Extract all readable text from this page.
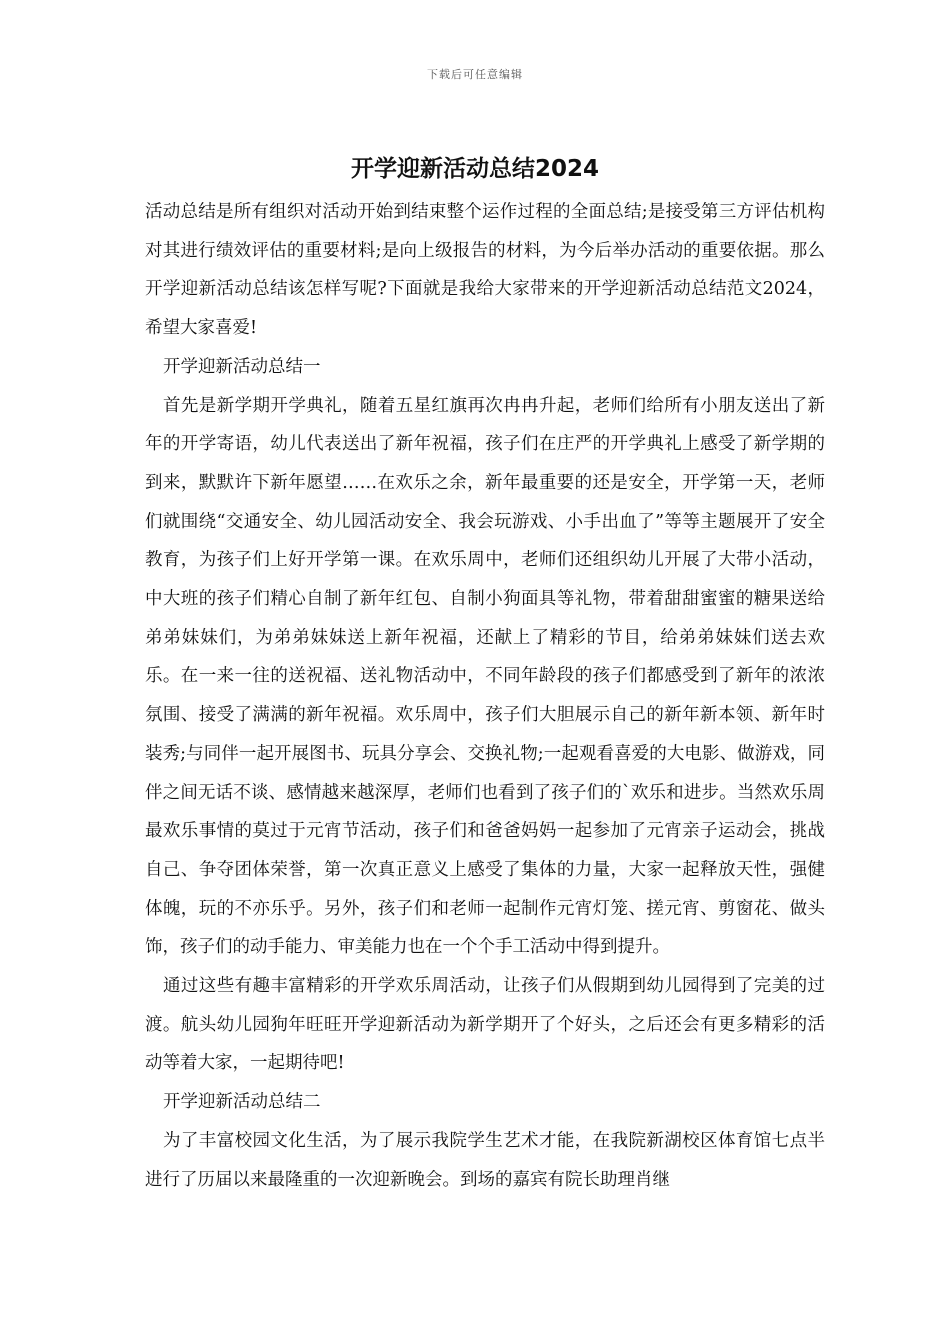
下载后可任意编辑
开学迎新活动总结2024

活动总结是所有组织对活动开始到结束整个运作过程的全面总结;是接受第三方评估机构对其进行绩效评估的重要材料;是向上级报告的材料，为今后举办活动的重要依据。那么开学迎新活动总结该怎样写呢?下面就是我给大家带来的开学迎新活动总结范文2024，希望大家喜爱!

开学迎新活动总结一

首先是新学期开学典礼，随着五星红旗再次冉冉升起，老师们给所有小朋友送出了新年的开学寄语，幼儿代表送出了新年祝福，孩子们在庄严的开学典礼上感受了新学期的到来，默默许下新年愿望……在欢乐之余，新年最重要的还是安全，开学第一天，老师们就围绕“交通安全、幼儿园活动安全、我会玩游戏、小手出血了”等等主题展开了安全教育，为孩子们上好开学第一课。在欢乐周中，老师们还组织幼儿开展了大带小活动，中大班的孩子们精心自制了新年红包、自制小狗面具等礼物，带着甜甜蜜蜜的糖果送给弟弟妹妹们，为弟弟妹妹送上新年祝福，还献上了精彩的节目，给弟弟妹妹们送去欢乐。在一来一往的送祝福、送礼物活动中，不同年龄段的孩子们都感受到了新年的浓浓氛围、接受了满满的新年祝福。欢乐周中，孩子们大胆展示自己的新年新本领、新年时装秀;与同伴一起开展图书、玩具分享会、交换礼物;一起观看喜爱的大电影、做游戏，同伴之间无话不谈、感情越来越深厚，老师们也看到了孩子们的`欢乐和进步。当然欢乐周最欢乐事情的莫过于元宵节活动，孩子们和爸爸妈妈一起参加了元宵亲子运动会，挑战自己、争夺团体荣誉，第一次真正意义上感受了集体的力量，大家一起释放天性，强健体魄，玩的不亦乐乎。另外，孩子们和老师一起制作元宵灯笼、搓元宵、剪窗花、做头饰，孩子们的动手能力、审美能力也在一个个手工活动中得到提升。

通过这些有趣丰富精彩的开学欢乐周活动，让孩子们从假期到幼儿园得到了完美的过渡。航头幼儿园狗年旺旺开学迎新活动为新学期开了个好头，之后还会有更多精彩的活动等着大家，一起期待吧!

开学迎新活动总结二

为了丰富校园文化生活，为了展示我院学生艺术才能，在我院新湖校区体育馆七点半进行了历届以来最隆重的一次迎新晚会。到场的嘉宾有院长助理肖继
